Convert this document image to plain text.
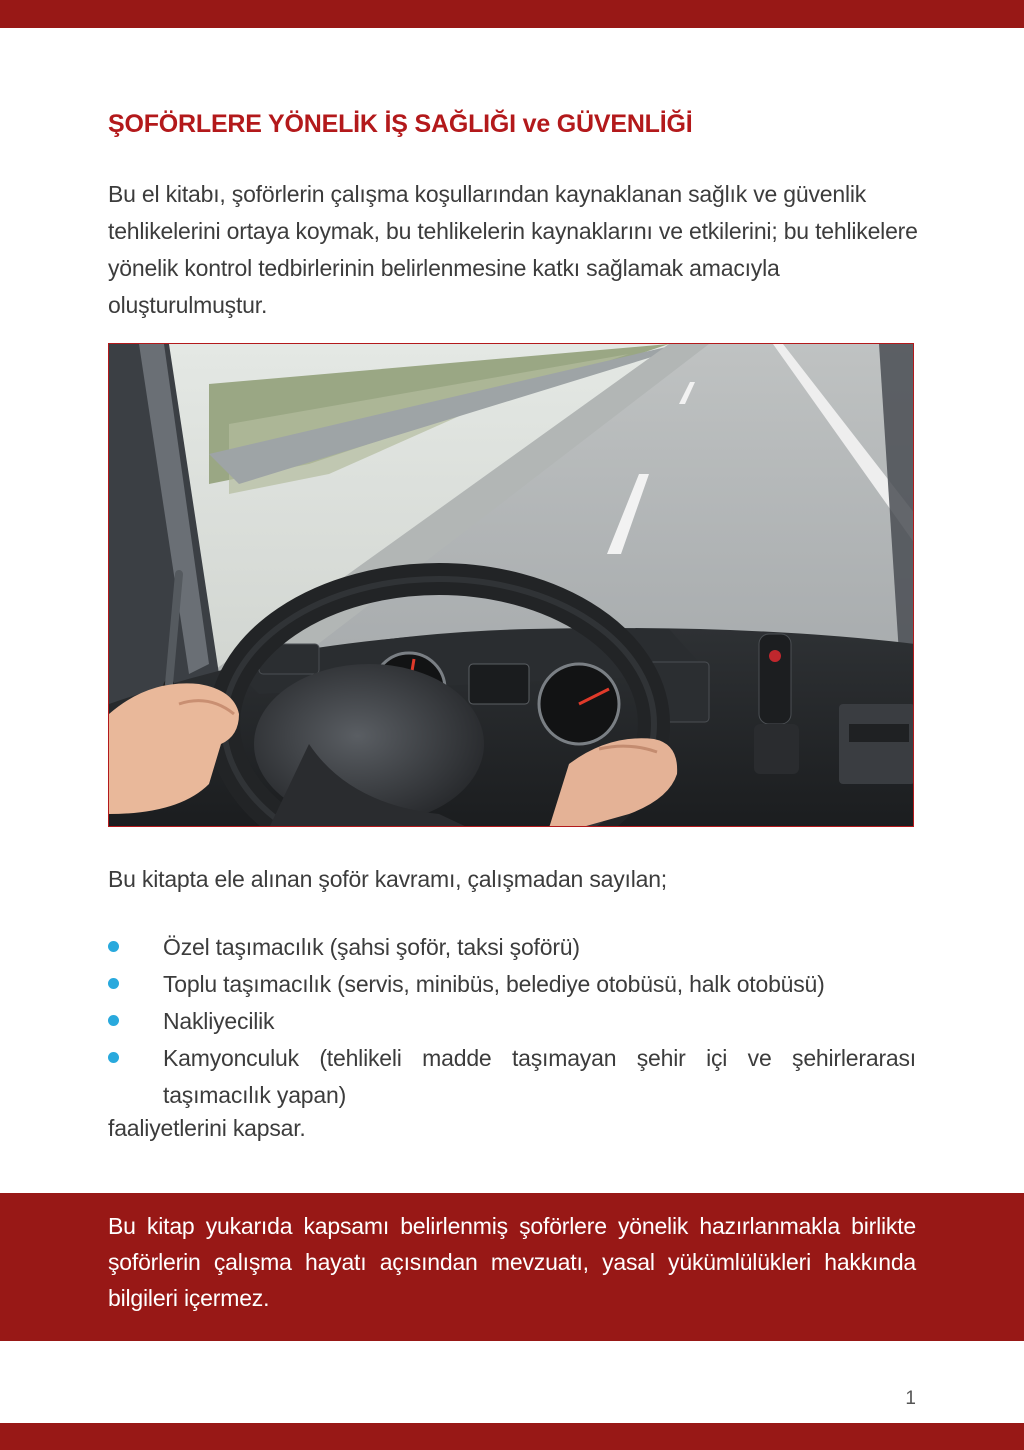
ŞOFÖRLERE YÖNELİK İŞ SAĞLIĞI ve GÜVENLİĞİ

Bu el kitabı, şoförlerin çalışma koşullarından kaynaklanan sağlık ve güvenlik tehlikelerini ortaya koymak, bu tehlikelerin kaynaklarını ve etkilerini; bu tehlikelere yönelik kontrol tedbirlerinin belirlenmesine katkı sağlamak amacıyla oluşturulmuştur.

Bu kitapta ele alınan şoför kavramı, çalışmadan sayılan;

Özel taşımacılık (şahsi şoför, taksi şoförü)
Toplu taşımacılık (servis, minibüs, belediye otobüsü, halk otobüsü)
Nakliyecilik
Kamyonculuk (tehlikeli madde taşımayan şehir içi ve şehirlerarası taşımacılık yapan)

faaliyetlerini kapsar.

Bu kitap yukarıda kapsamı belirlenmiş şoförlere yönelik hazırlanmakla birlikte şoförlerin çalışma hayatı açısından mevzuatı, yasal yükümlülükleri hakkında bilgileri içermez.

1
